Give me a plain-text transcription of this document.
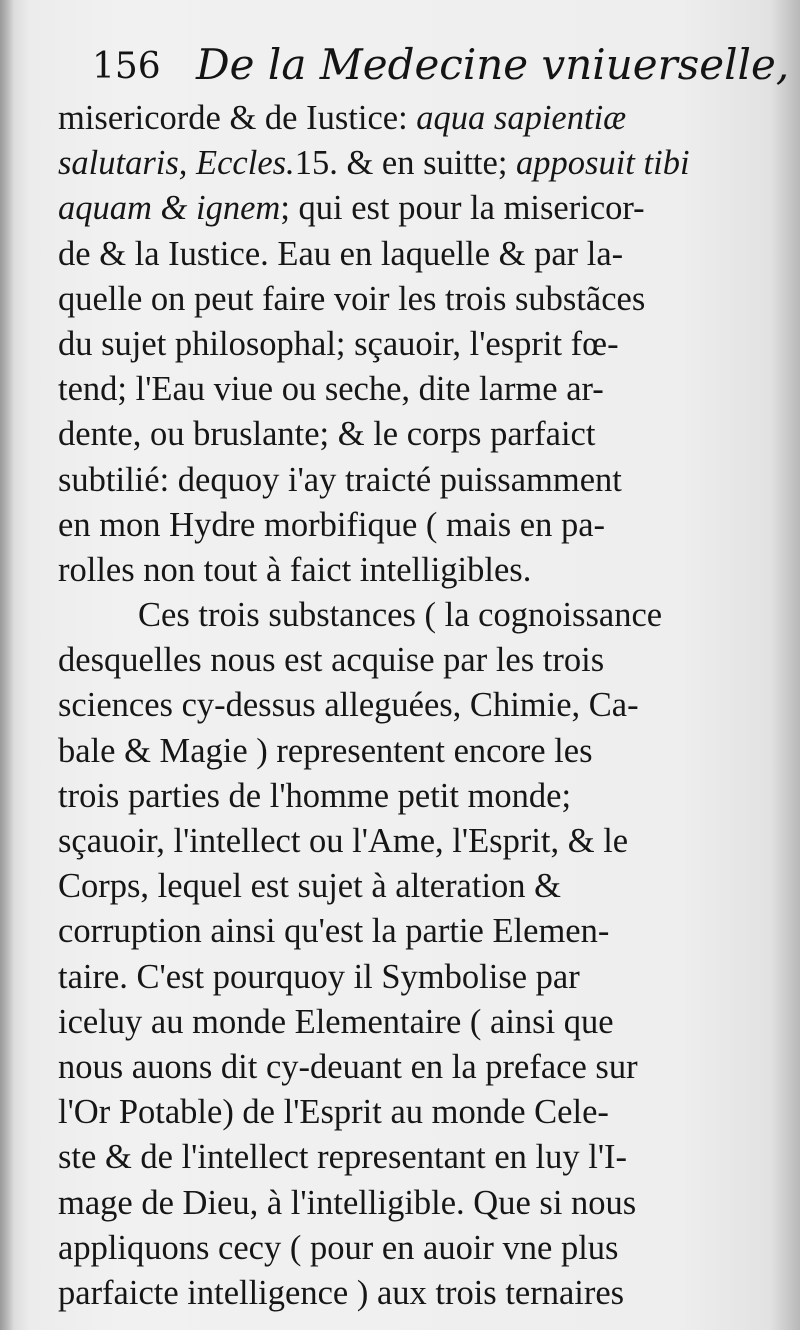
156 De la Medecine vniuerselle,
misericorde & de Iustice: aqua sapientiæ
salutaris, Eccles.15. & en suitte; apposuit tibi
aquam & ignem; qui est pour la misericor-
de & la Iustice. Eau en laquelle & par la-
quelle on peut faire voir les trois substãces
du sujet philosophal; sçauoir, l'esprit fœ-
tend; l'Eau viue ou seche, dite larme ar-
dente, ou bruslante; & le corps parfaict
subtilié: dequoy i'ay traicté puissamment
en mon Hydre morbifique ( mais en pa-
rolles non tout à faict intelligibles.
Ces trois substances ( la cognoissance
desquelles nous est acquise par les trois
sciences cy-dessus alleguées, Chimie, Ca-
bale & Magie ) representent encore les
trois parties de l'homme petit monde;
sçauoir, l'intellect ou l'Ame, l'Esprit, & le
Corps, lequel est sujet à alteration &
corruption ainsi qu'est la partie Elemen-
taire. C'est pourquoy il Symbolise par
iceluy au monde Elementaire ( ainsi que
nous auons dit cy-deuant en la preface sur
l'Or Potable) de l'Esprit au monde Cele-
ste & de l'intellect representant en luy l'I-
mage de Dieu, à l'intelligible. Que si nous
appliquons cecy ( pour en auoir vne plus
parfaicte intelligence ) aux trois ternaires
